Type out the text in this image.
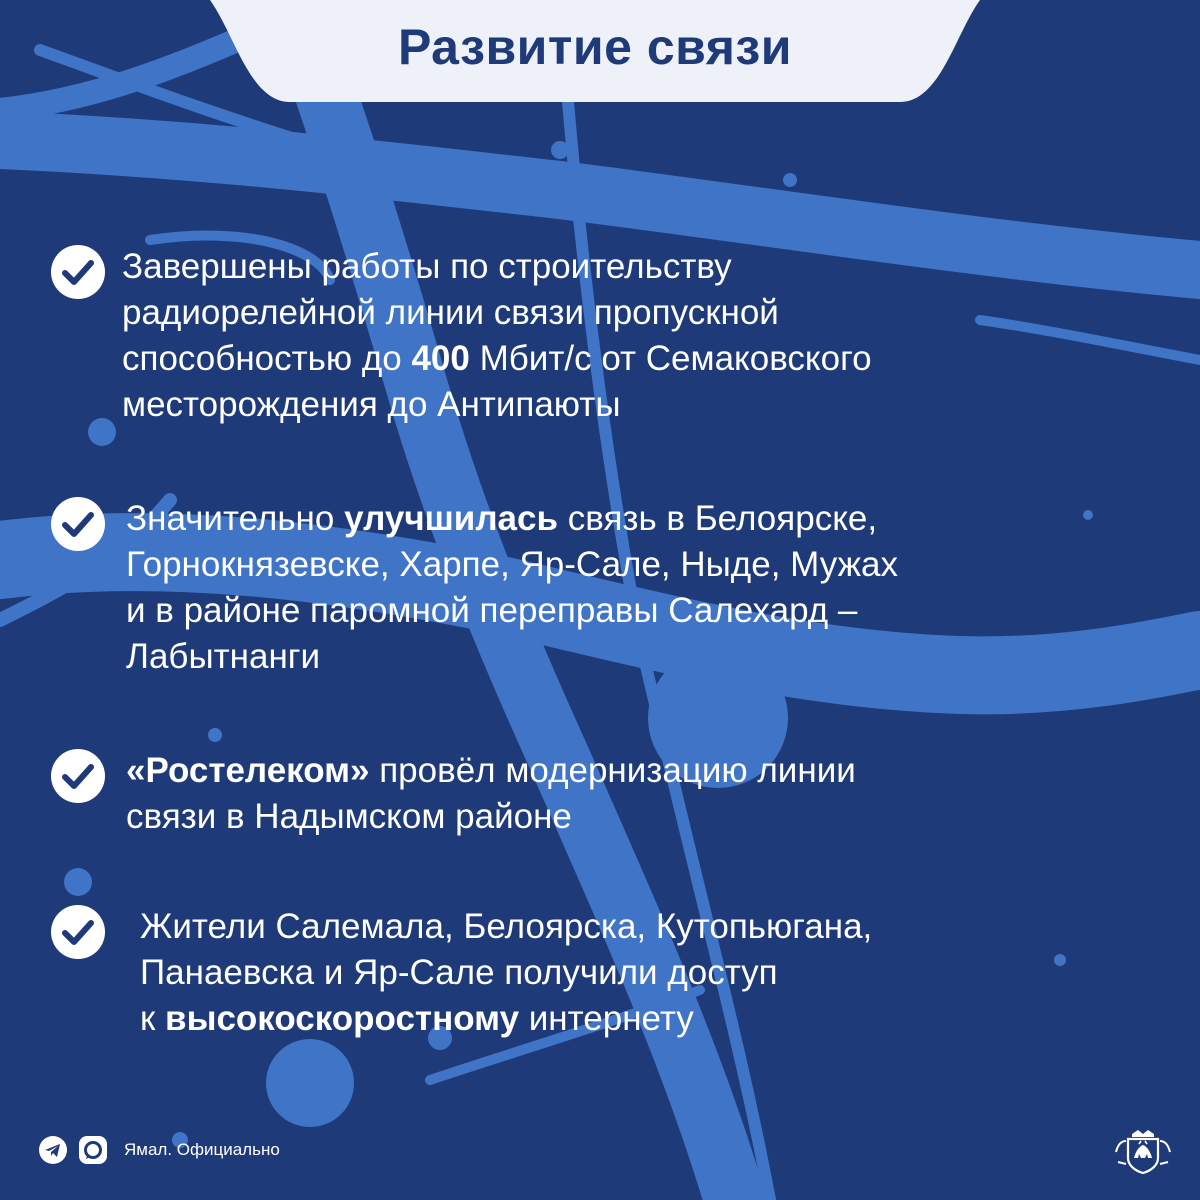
Развитие связи
Завершены работы по строительству
радиорелейной линии связи пропускной
способностью до 400 Мбит/с от Семаковского
месторождения до Антипаюты
Значительно улучшилась связь в Белоярске,
Горнокнязевске, Харпе, Яр-Сале, Ныде, Мужах
и в районе паромной переправы Салехард –
Лабытнанги
«Ростелеком» провёл модернизацию линии
связи в Надымском районе
Жители Салемала, Белоярска, Кутопьюгана,
Панаевска и Яр-Сале получили доступ
к высокоскоростному интернету
Ямал. Официально
